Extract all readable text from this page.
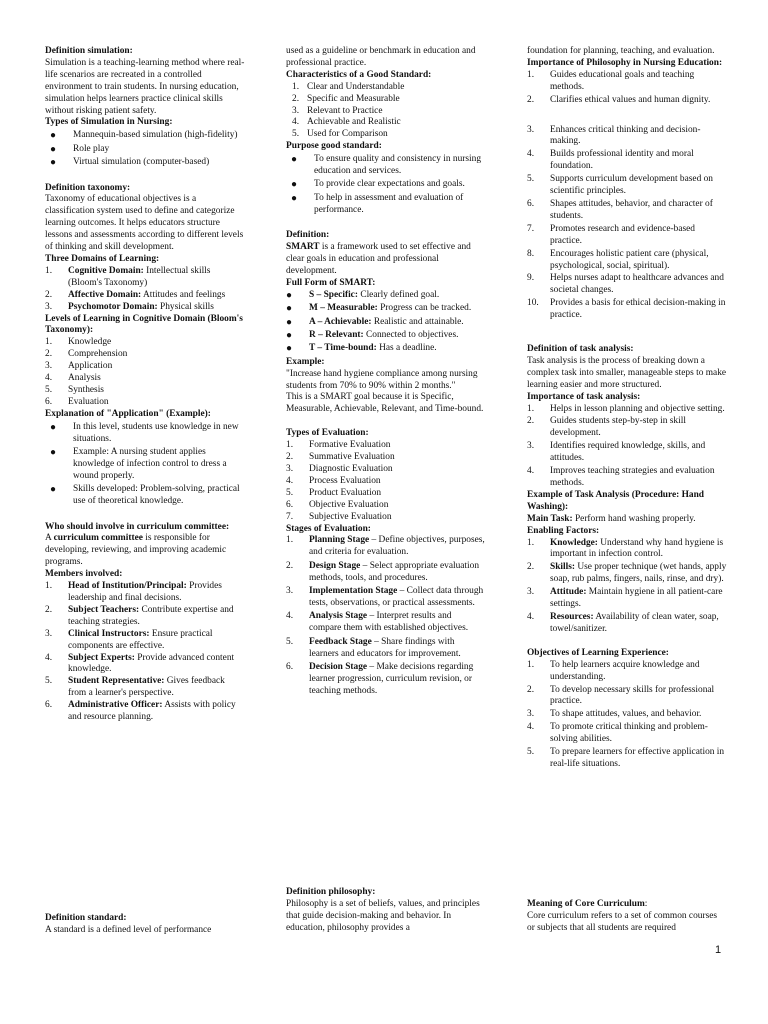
Definition simulation:

Simulation is a teaching-learning method where real-life scenarios are recreated in a controlled environment to train students. In nursing education, simulation helps learners practice clinical skills without risking patient safety.

Types of Simulation in Nursing:
● Mannequin-based simulation (high-fidelity)
● Role play
● Virtual simulation (computer-based)
Definition taxonomy:

Taxonomy of educational objectives is a classification system used to define and categorize learning outcomes. It helps educators structure lessons and assessments according to different levels of thinking and skill development.

Three Domains of Learning:
1. Cognitive Domain: Intellectual skills (Bloom's Taxonomy)
2. Affective Domain: Attitudes and feelings
3. Psychomotor Domain: Physical skills
Levels of Learning in Cognitive Domain (Bloom's Taxonomy):
1. Knowledge
2. Comprehension
3. Application
4. Analysis
5. Synthesis
6. Evaluation
Explanation of "Application" (Example):
● In this level, students use knowledge in new situations.
● Example: A nursing student applies knowledge of infection control to dress a wound properly.
● Skills developed: Problem-solving, practical use of theoretical knowledge.
Who should involve in curriculum committee:

A curriculum committee is responsible for developing, reviewing, and improving academic programs.

Members involved:
1. Head of Institution/Principal: Provides leadership and final decisions.
2. Subject Teachers: Contribute expertise and teaching strategies.
3. Clinical Instructors: Ensure practical components are effective.
4. Subject Experts: Provide advanced content knowledge.
5. Student Representative: Gives feedback from a learner's perspective.
6. Administrative Officer: Assists with policy and resource planning.
Definition standard:

A standard is a defined level of performance

used as a guideline or benchmark in education and professional practice.

Characteristics of a Good Standard:
1. Clear and Understandable
2. Specific and Measurable
3. Relevant to Practice
4. Achievable and Realistic
5. Used for Comparison
Purpose good standard:
● To ensure quality and consistency in nursing education and services.
● To provide clear expectations and goals.
● To help in assessment and evaluation of performance.
Definition:

SMART is a framework used to set effective and clear goals in education and professional development.

Full Form of SMART:
● S – Specific: Clearly defined goal.
● M – Measurable: Progress can be tracked.
● A – Achievable: Realistic and attainable.
● R – Relevant: Connected to objectives.
● T – Time-bound: Has a deadline.
Example:

"Increase hand hygiene compliance among nursing students from 70% to 90% within 2 months."

This is a SMART goal because it is Specific, Measurable, Achievable, Relevant, and Time-bound.

Types of Evaluation:
1. Formative Evaluation
2. Summative Evaluation
3. Diagnostic Evaluation
4. Process Evaluation
5. Product Evaluation
6. Objective Evaluation
7. Subjective Evaluation
Stages of Evaluation:
1. Planning Stage – Define objectives, purposes, and criteria for evaluation.
2. Design Stage – Select appropriate evaluation methods, tools, and procedures.
3. Implementation Stage – Collect data through tests, observations, or practical assessments.
4. Analysis Stage – Interpret results and compare them with established objectives.
5. Feedback Stage – Share findings with learners and educators for improvement.
6. Decision Stage – Make decisions regarding learner progression, curriculum revision, or teaching methods.
Definition philosophy:

Philosophy is a set of beliefs, values, and principles that guide decision-making and behavior. In education, philosophy provides a

foundation for planning, teaching, and evaluation.

Importance of Philosophy in Nursing Education:
1. Guides educational goals and teaching methods.
2. Clarifies ethical values and human dignity.
3. Enhances critical thinking and decision-making.
4. Builds professional identity and moral foundation.
5. Supports curriculum development based on scientific principles.
6. Shapes attitudes, behavior, and character of students.
7. Promotes research and evidence-based practice.
8. Encourages holistic patient care (physical, psychological, social, spiritual).
9. Helps nurses adapt to healthcare advances and societal changes.
10. Provides a basis for ethical decision-making in practice.
Definition of task analysis:

Task analysis is the process of breaking down a complex task into smaller, manageable steps to make learning easier and more structured.

Importance of task analysis:
1. Helps in lesson planning and objective setting.
2. Guides students step-by-step in skill development.
3. Identifies required knowledge, skills, and attitudes.
4. Improves teaching strategies and evaluation methods.
Example of Task Analysis (Procedure: Hand Washing):

Main Task: Perform hand washing properly.

Enabling Factors:
1. Knowledge: Understand why hand hygiene is important in infection control.
2. Skills: Use proper technique (wet hands, apply soap, rub palms, fingers, nails, rinse, and dry).
3. Attitude: Maintain hygiene in all patient-care settings.
4. Resources: Availability of clean water, soap, towel/sanitizer.
Objectives of Learning Experience:
1. To help learners acquire knowledge and understanding.
2. To develop necessary skills for professional practice.
3. To shape attitudes, values, and behavior.
4. To promote critical thinking and problem-solving abilities.
5. To prepare learners for effective application in real-life situations.
Meaning of Core Curriculum:

Core curriculum refers to a set of common courses or subjects that all students are required

1
